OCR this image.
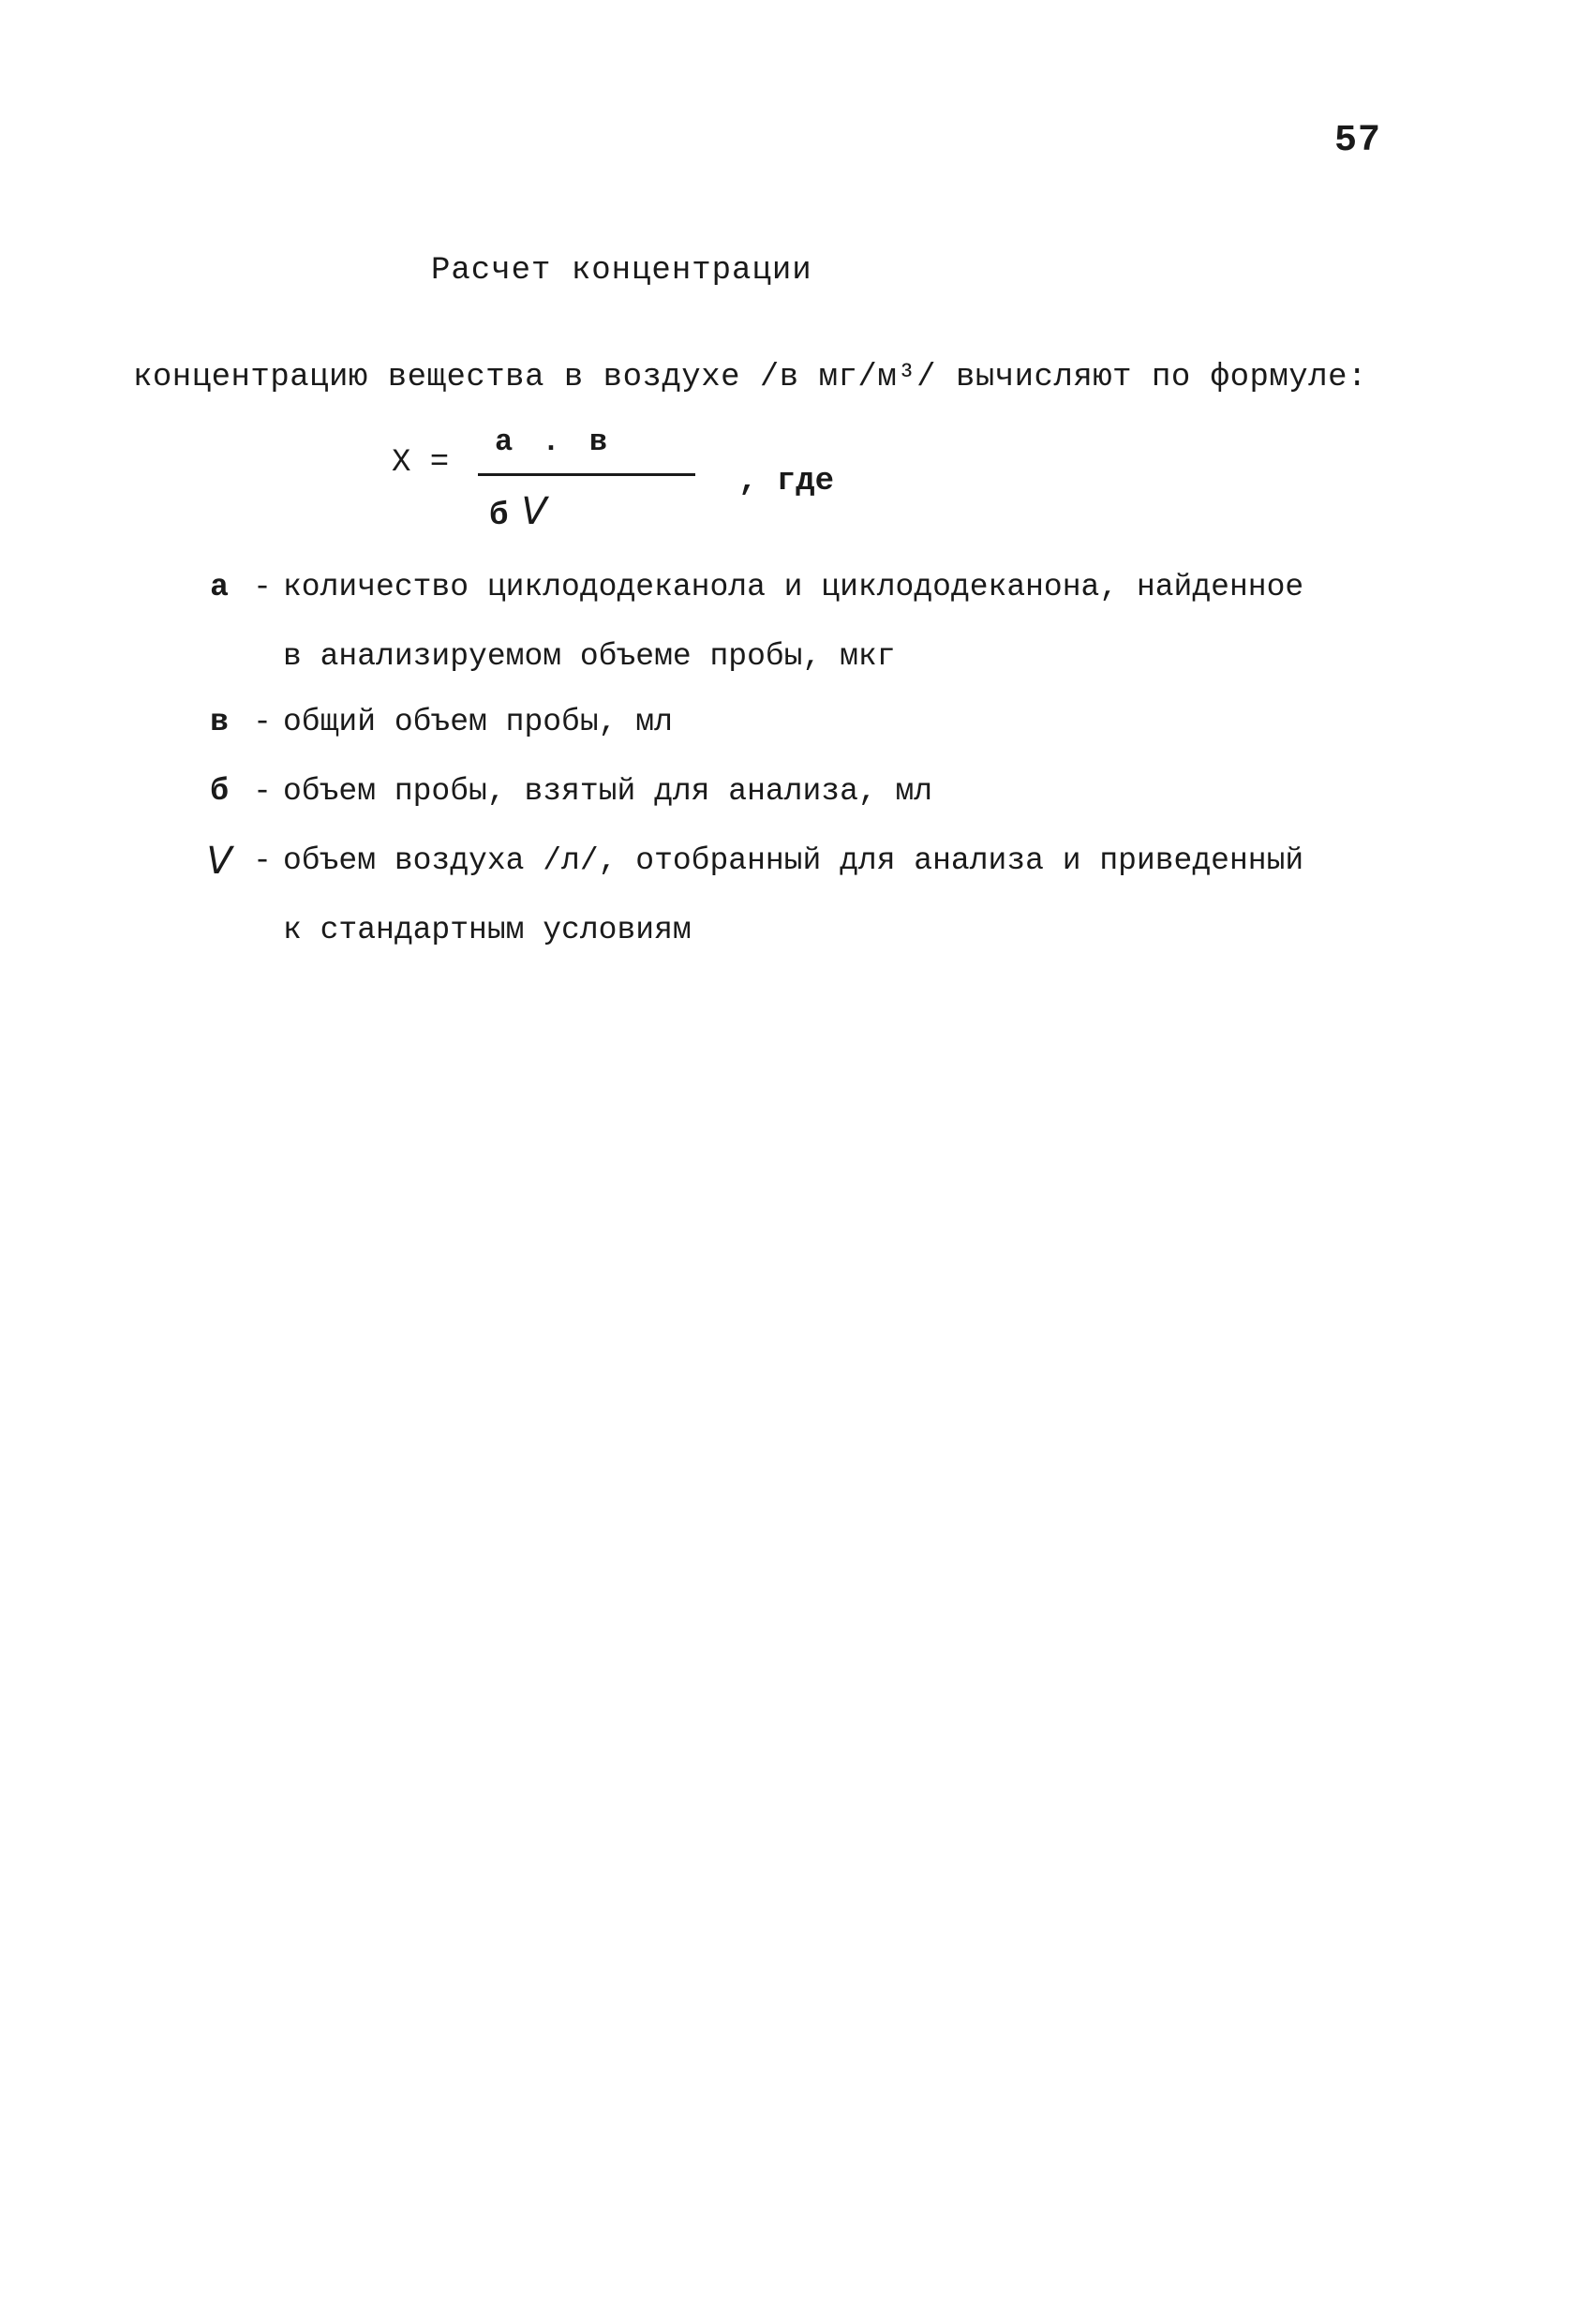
57
Расчет концентрации
концентрацию вещества в воздухе /в мг/м³/ вычисляют по формуле:
X =
а . в
б V
, где
а - количество циклододеканола и циклододеканона, найденное
в анализируемом объеме пробы, мкг
в - общий объем пробы, мл
б - объем пробы, взятый для анализа, мл
V - объем воздуха /л/, отобранный для анализа и приведенный
к стандартным условиям
